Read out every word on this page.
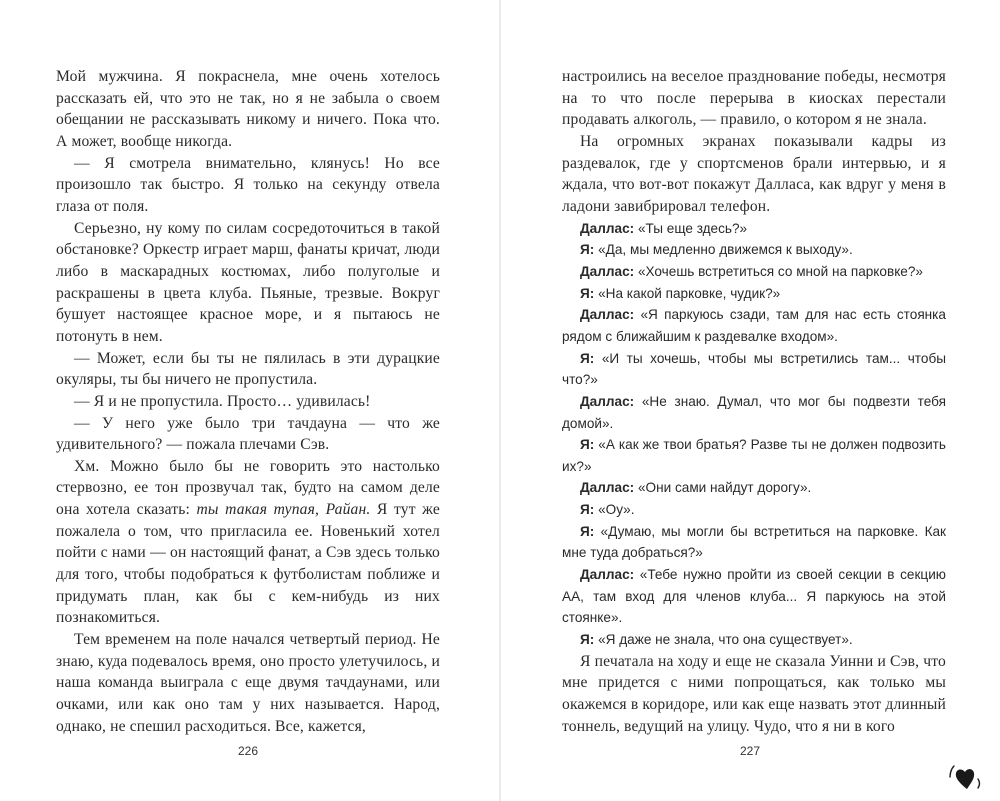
Мой мужчина. Я покраснела, мне очень хотелось рассказать ей, что это не так, но я не забыла о своем обещании не рассказывать никому и ничего. Пока что. А может, вообще никогда.

— Я смотрела внимательно, клянусь! Но все произошло так быстро. Я только на секунду отвела глаза от поля.

Серьезно, ну кому по силам сосредоточиться в такой обстановке? Оркестр играет марш, фанаты кричат, люди либо в маскарадных костюмах, либо полуголые и раскрашены в цвета клуба. Пьяные, трезвые. Вокруг бушует настоящее красное море, и я пытаюсь не потонуть в нем.

— Может, если бы ты не пялилась в эти дурацкие окуляры, ты бы ничего не пропустила.

— Я и не пропустила. Просто… удивилась!

— У него уже было три тачдауна — что же удивительного? — пожала плечами Сэв.

Хм. Можно было бы не говорить это настолько стервозно, ее тон прозвучал так, будто на самом деле она хотела сказать: ты такая тупая, Райан. Я тут же пожалела о том, что пригласила ее. Новенький хотел пойти с нами — он настоящий фанат, а Сэв здесь только для того, чтобы подобраться к футболистам поближе и придумать план, как бы с кем-нибудь из них познакомиться.

Тем временем на поле начался четвертый период. Не знаю, куда подевалось время, оно просто улетучилось, и наша команда выиграла с еще двумя тачдаунами, или очками, или как оно там у них называется. Народ, однако, не спешил расходиться. Все, кажется,

226

настроились на веселое празднование победы, несмотря на то что после перерыва в киосках перестали продавать алкоголь, — правило, о котором я не знала.

На огромных экранах показывали кадры из раздевалок, где у спортсменов брали интервью, и я ждала, что вот-вот покажут Далласа, как вдруг у меня в ладони завибрировал телефон.

Даллас: «Ты еще здесь?»

Я: «Да, мы медленно движемся к выходу».

Даллас: «Хочешь встретиться со мной на парковке?»

Я: «На какой парковке, чудик?»

Даллас: «Я паркуюсь сзади, там для нас есть стоянка рядом с ближайшим к раздевалке входом».

Я: «И ты хочешь, чтобы мы встретились там... чтобы что?»

Даллас: «Не знаю. Думал, что мог бы подвезти тебя домой».

Я: «А как же твои братья? Разве ты не должен подвозить их?»

Даллас: «Они сами найдут дорогу».

Я: «Оу».

Я: «Думаю, мы могли бы встретиться на парковке. Как мне туда добраться?»

Даллас: «Тебе нужно пройти из своей секции в секцию АА, там вход для членов клуба... Я паркуюсь на этой стоянке».

Я: «Я даже не знала, что она существует».

Я печатала на ходу и еще не сказала Уинни и Сэв, что мне придется с ними попрощаться, как только мы окажемся в коридоре, или как еще назвать этот длинный тоннель, ведущий на улицу. Чудо, что я ни в кого

227
